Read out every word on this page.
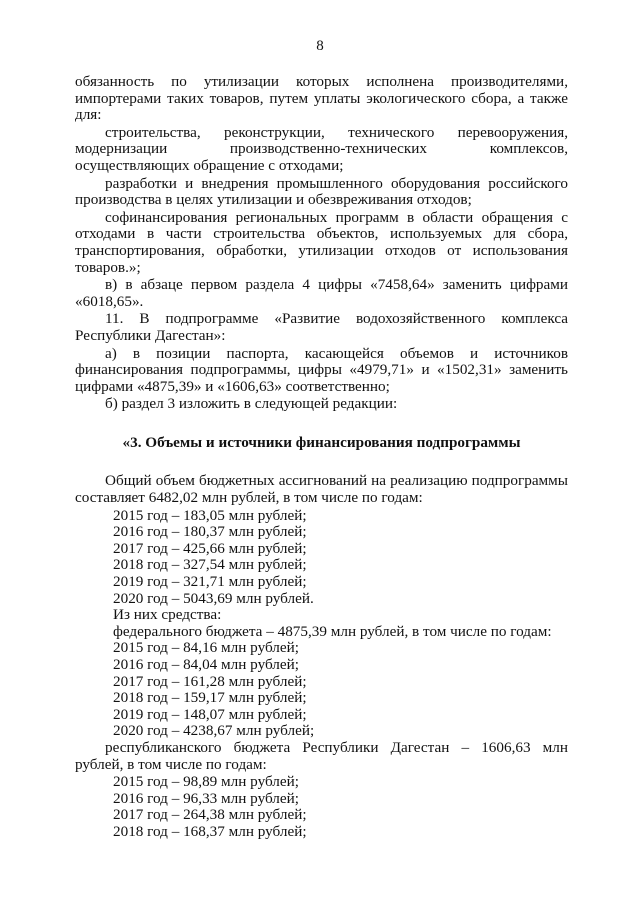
8

обязанность по утилизации которых исполнена производителями, импортерами таких товаров, путем уплаты экологического сбора, а также для:

строительства, реконструкции, технического перевооружения, модернизации производственно-технических комплексов, осуществляющих обращение с отходами;

разработки и внедрения промышленного оборудования российского производства в целях утилизации и обезвреживания отходов;

софинансирования региональных программ в области обращения с отходами в части строительства объектов, используемых для сбора, транспортирования, обработки, утилизации отходов от использования товаров.»;

в) в абзаце первом раздела 4 цифры «7458,64» заменить цифрами «6018,65».

11. В подпрограмме «Развитие водохозяйственного комплекса Республики Дагестан»:

а) в позиции паспорта, касающейся объемов и источников финансирования подпрограммы, цифры «4979,71» и «1502,31» заменить цифрами «4875,39» и «1606,63» соответственно;

б) раздел 3 изложить в следующей редакции:

«3. Объемы и источники финансирования подпрограммы

Общий объем бюджетных ассигнований на реализацию подпрограммы составляет 6482,02 млн рублей, в том числе по годам:

2015 год – 183,05 млн рублей;
2016 год – 180,37 млн рублей;
2017 год – 425,66 млн рублей;
2018 год – 327,54 млн рублей;
2019 год – 321,71 млн рублей;
2020 год – 5043,69 млн рублей.
Из них средства:
федерального бюджета – 4875,39 млн рублей, в том числе по годам:
2015 год – 84,16 млн рублей;
2016 год – 84,04 млн рублей;
2017 год – 161,28 млн рублей;
2018 год – 159,17 млн рублей;
2019 год – 148,07 млн рублей;
2020 год – 4238,67 млн рублей;

республиканского бюджета Республики Дагестан – 1606,63 млн рублей, в том числе по годам:

2015 год – 98,89 млн рублей;
2016 год – 96,33 млн рублей;
2017 год – 264,38 млн рублей;
2018 год – 168,37 млн рублей;
